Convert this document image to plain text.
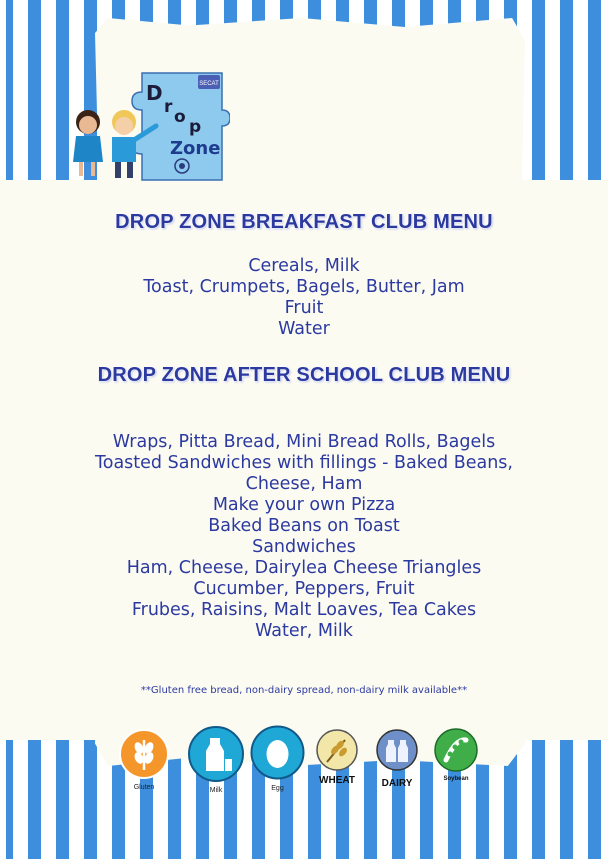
SECAT
D
r o p
Zone
DROP ZONE BREAKFAST CLUB MENU
Cereals, Milk
Toast, Crumpets, Bagels, Butter, Jam
Fruit
Water
DROP ZONE AFTER SCHOOL CLUB MENU
Wraps, Pitta Bread, Mini Bread Rolls, Bagels
Toasted Sandwiches with fillings - Baked Beans,
Cheese, Ham
Make your own Pizza
Baked Beans on Toast
Sandwiches
Ham, Cheese, Dairylea Cheese Triangles
Cucumber, Peppers, Fruit
Frubes, Raisins, Malt Loaves, Tea Cakes
Water, Milk
**Gluten free bread, non-dairy spread, non-dairy milk available**
Gluten	Milk	Egg
WHEAT	DAIRY	Soybean
